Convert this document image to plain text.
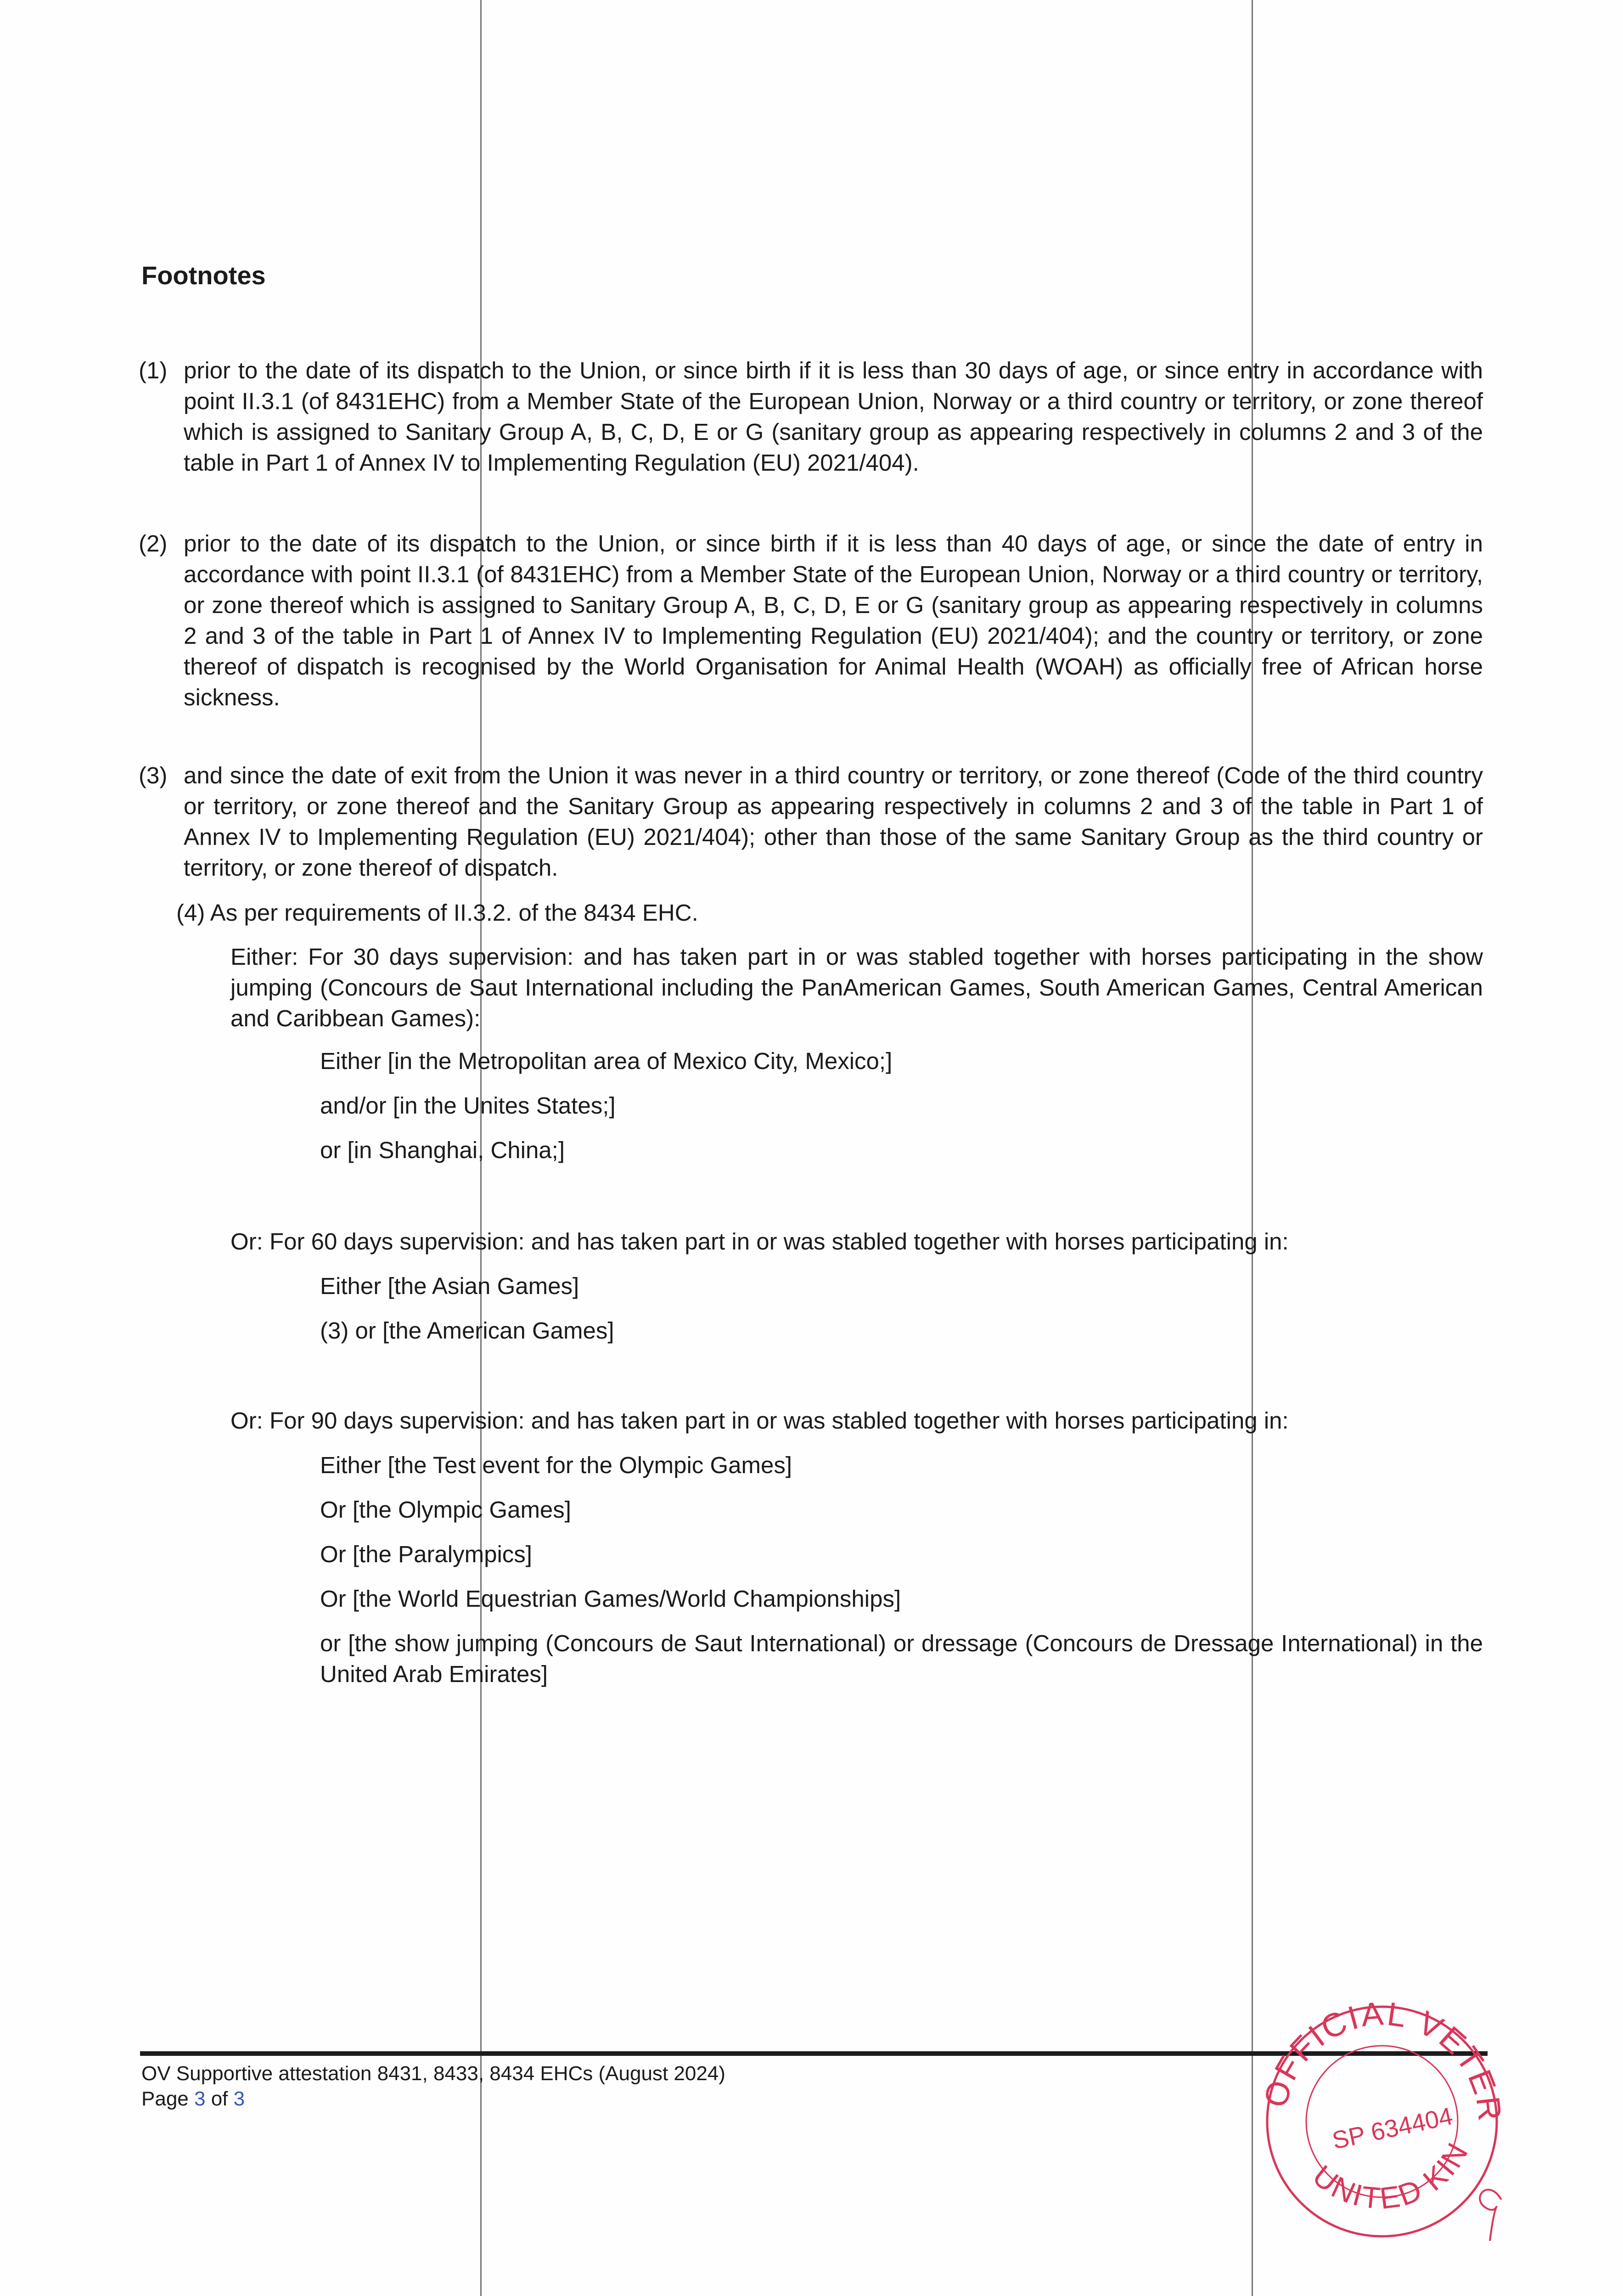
Footnotes
(1) prior to the date of its dispatch to the Union, or since birth if it is less than 30 days of age, or since entry in accordance with point II.3.1 (of 8431EHC) from a Member State of the European Union, Norway or a third country or territory, or zone thereof which is assigned to Sanitary Group A, B, C, D, E or G (sanitary group as appearing respectively in columns 2 and 3 of the table in Part 1 of Annex IV to Implementing Regulation (EU) 2021/404).
(2) prior to the date of its dispatch to the Union, or since birth if it is less than 40 days of age, or since the date of entry in accordance with point II.3.1 (of 8431EHC) from a Member State of the European Union, Norway or a third country or territory, or zone thereof which is assigned to Sanitary Group A, B, C, D, E or G (sanitary group as appearing respectively in columns 2 and 3 of the table in Part 1 of Annex IV to Implementing Regulation (EU) 2021/404); and the country or territory, or zone thereof of dispatch is recognised by the World Organisation for Animal Health (WOAH) as officially free of African horse sickness.
(3) and since the date of exit from the Union it was never in a third country or territory, or zone thereof (Code of the third country or territory, or zone thereof and the Sanitary Group as appearing respectively in columns 2 and 3 of the table in Part 1 of Annex IV to Implementing Regulation (EU) 2021/404); other than those of the same Sanitary Group as the third country or territory, or zone thereof of dispatch.
(4) As per requirements of II.3.2. of the 8434 EHC.
Either: For 30 days supervision: and has taken part in or was stabled together with horses participating in the show jumping (Concours de Saut International including the PanAmerican Games, South American Games, Central American and Caribbean Games):
Either [in the Metropolitan area of Mexico City, Mexico;]
and/or [in the Unites States;]
or [in Shanghai, China;]
Or: For 60 days supervision: and has taken part in or was stabled together with horses participating in:
Either [the Asian Games]
(3) or [the American Games]
Or: For 90 days supervision: and has taken part in or was stabled together with horses participating in:
Either [the Test event for the Olympic Games]
Or [the Olympic Games]
Or [the Paralympics]
Or [the World Equestrian Games/World Championships]
or [the show jumping (Concours de Saut International) or dressage (Concours de Dressage International) in the United Arab Emirates]
OV Supportive attestation 8431, 8433, 8434 EHCs (August 2024)
Page 3 of 3	OFFICIAL VETER
UNITED KIN
SP 634404
